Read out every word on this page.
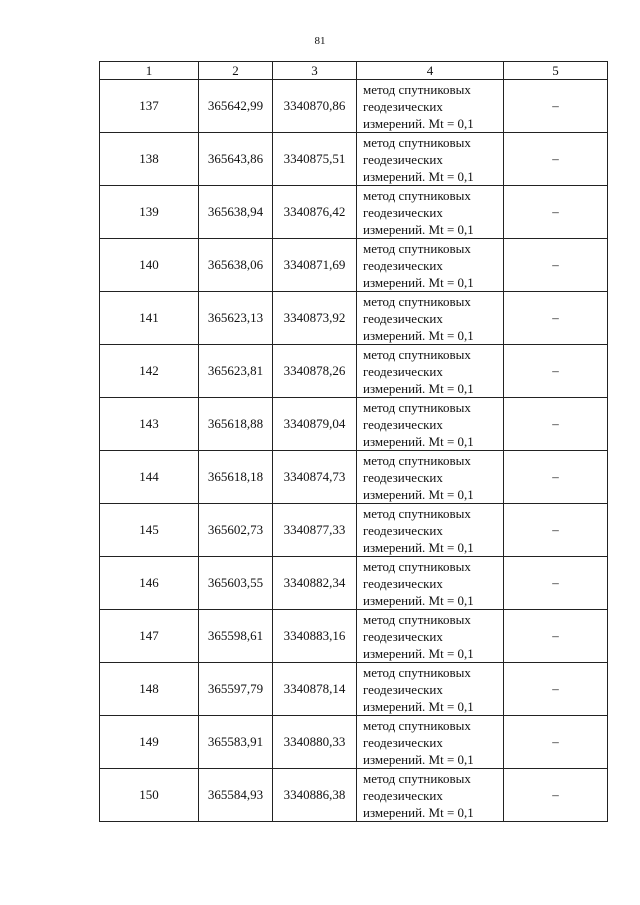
81
1	2	3	4	5
137	365642,99	3340870,86	метод спутниковых
геодезических
измерений. Mt = 0,1	–
138	365643,86	3340875,51	метод спутниковых
геодезических
измерений. Mt = 0,1	–
139	365638,94	3340876,42	метод спутниковых
геодезических
измерений. Mt = 0,1	–
140	365638,06	3340871,69	метод спутниковых
геодезических
измерений. Mt = 0,1	–
141	365623,13	3340873,92	метод спутниковых
геодезических
измерений. Mt = 0,1	–
142	365623,81	3340878,26	метод спутниковых
геодезических
измерений. Mt = 0,1	–
143	365618,88	3340879,04	метод спутниковых
геодезических
измерений. Mt = 0,1	–
144	365618,18	3340874,73	метод спутниковых
геодезических
измерений. Mt = 0,1	–
145	365602,73	3340877,33	метод спутниковых
геодезических
измерений. Mt = 0,1	–
146	365603,55	3340882,34	метод спутниковых
геодезических
измерений. Mt = 0,1	–
147	365598,61	3340883,16	метод спутниковых
геодезических
измерений. Mt = 0,1	–
148	365597,79	3340878,14	метод спутниковых
геодезических
измерений. Mt = 0,1	–
149	365583,91	3340880,33	метод спутниковых
геодезических
измерений. Mt = 0,1	–
150	365584,93	3340886,38	метод спутниковых
геодезических
измерений. Mt = 0,1	–
